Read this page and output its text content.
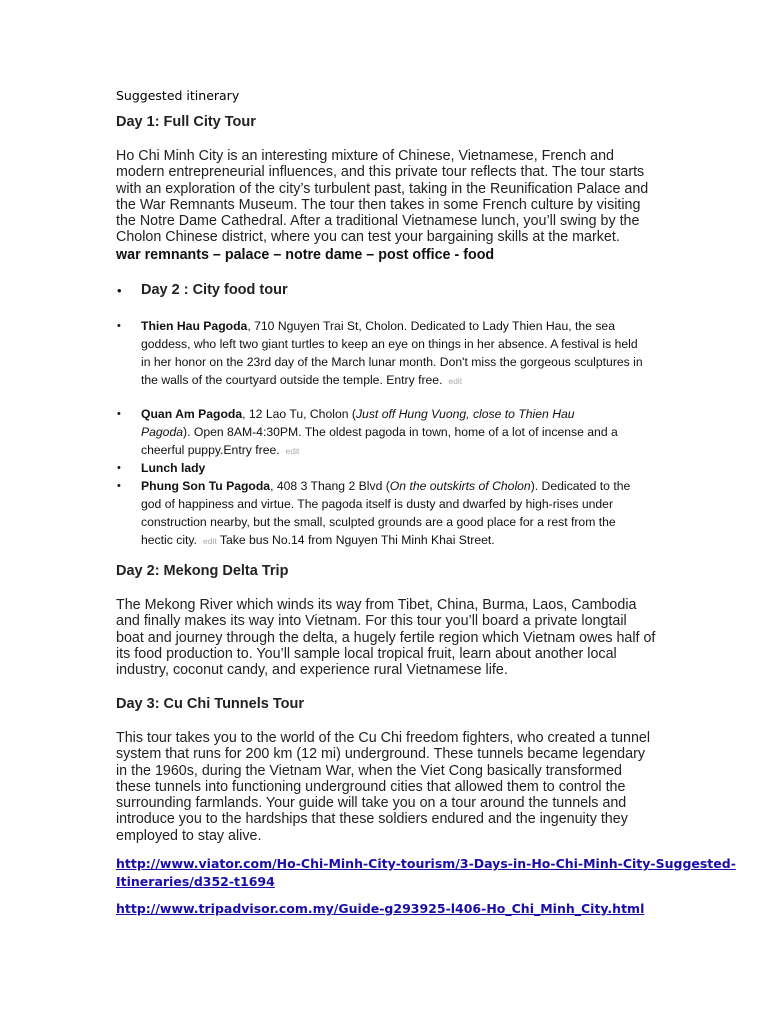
Suggested itinerary
Day 1: Full City Tour

Ho Chi Minh City is an interesting mixture of Chinese, Vietnamese, French and
modern entrepreneurial influences, and this private tour reflects that. The tour starts
with an exploration of the city’s turbulent past, taking in the Reunification Palace and
the War Remnants Museum. The tour then takes in some French culture by visiting
the Notre Dame Cathedral. After a traditional Vietnamese lunch, you’ll swing by the
Cholon Chinese district, where you can test your bargaining skills at the market.

war remnants – palace – notre dame – post office - food
• Day 2 : City food tour
• Thien Hau Pagoda, 710 Nguyen Trai St, Cholon. Dedicated to Lady Thien Hau, the sea
goddess, who left two giant turtles to keep an eye on things in her absence. A festival is held
in her honor on the 23rd day of the March lunar month. Don't miss the gorgeous sculptures in
the walls of the courtyard outside the temple. Entry free. edit
• Quan Am Pagoda, 12 Lao Tu, Cholon (Just off Hung Vuong, close to Thien Hau
Pagoda). Open 8AM-4:30PM. The oldest pagoda in town, home of a lot of incense and a
cheerful puppy.Entry free. edit
• Lunch lady
• Phung Son Tu Pagoda, 408 3 Thang 2 Blvd (On the outskirts of Cholon). Dedicated to the
god of happiness and virtue. The pagoda itself is dusty and dwarfed by high-rises under
construction nearby, but the small, sculpted grounds are a good place for a rest from the
hectic city. edit Take bus No.14 from Nguyen Thi Minh Khai Street.
Day 2: Mekong Delta Trip

The Mekong River which winds its way from Tibet, China, Burma, Laos, Cambodia
and finally makes its way into Vietnam. For this tour you’ll board a private longtail
boat and journey through the delta, a hugely fertile region which Vietnam owes half of
its food production to. You’ll sample local tropical fruit, learn about another local
industry, coconut candy, and experience rural Vietnamese life.

Day 3: Cu Chi Tunnels Tour

This tour takes you to the world of the Cu Chi freedom fighters, who created a tunnel
system that runs for 200 km (12 mi) underground. These tunnels became legendary
in the 1960s, during the Vietnam War, when the Viet Cong basically transformed
these tunnels into functioning underground cities that allowed them to control the
surrounding farmlands. Your guide will take you on a tour around the tunnels and
introduce you to the hardships that these soldiers endured and the ingenuity they
employed to stay alive.

http://www.viator.com/Ho-Chi-Minh-City-tourism/3-Days-in-Ho-Chi-Minh-City-Suggested-
Itineraries/d352-t1694
http://www.tripadvisor.com.my/Guide-g293925-l406-Ho_Chi_Minh_City.html
